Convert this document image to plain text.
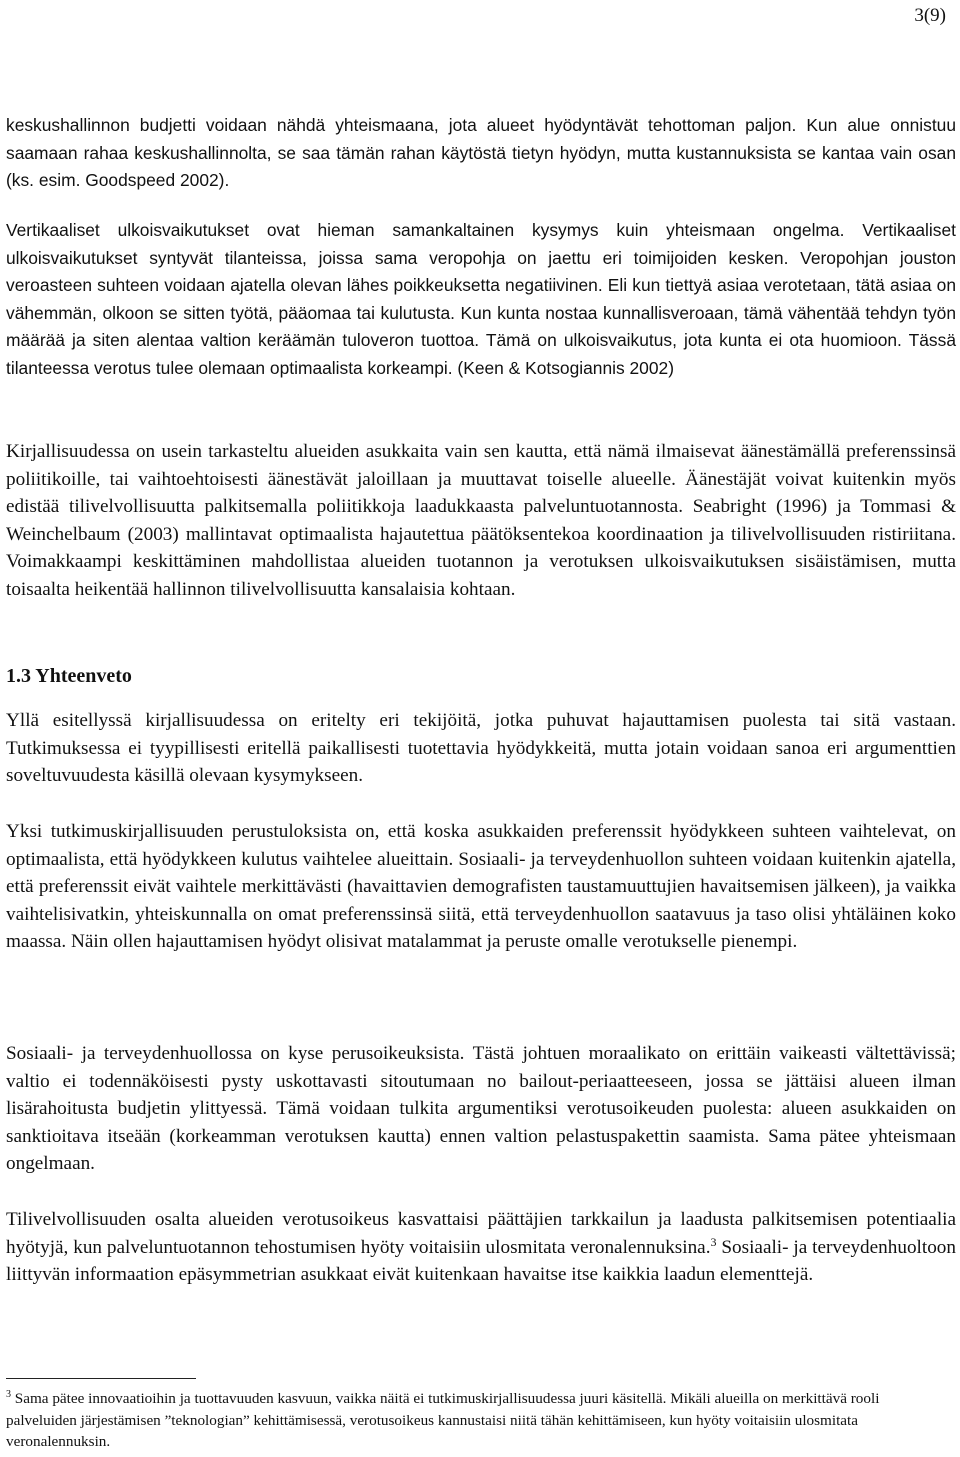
3(9)

keskushallinnon budjetti voidaan nähdä yhteismaana, jota alueet hyödyntävät tehottoman paljon. Kun alue onnistuu saamaan rahaa keskushallinnolta, se saa tämän rahan käytöstä tietyn hyödyn, mutta kustannuksista se kantaa vain osan (ks. esim. Goodspeed 2002).

Vertikaaliset ulkoisvaikutukset ovat hieman samankaltainen kysymys kuin yhteismaan ongelma. Vertikaaliset ulkoisvaikutukset syntyvät tilanteissa, joissa sama veropohja on jaettu eri toimijoiden kesken. Veropohjan jouston veroasteen suhteen voidaan ajatella olevan lähes poikkeuksetta negatiivinen. Eli kun tiettyä asiaa verotetaan, tätä asiaa on vähemmän, olkoon se sitten työtä, pääomaa tai kulutusta. Kun kunta nostaa kunnallisveroaan, tämä vähentää tehdyn työn määrää ja siten alentaa valtion keräämän tuloveron tuottoa. Tämä on ulkoisvaikutus, jota kunta ei ota huomioon. Tässä tilanteessa verotus tulee olemaan optimaalista korkeampi. (Keen & Kotsogiannis 2002)

Kirjallisuudessa on usein tarkasteltu alueiden asukkaita vain sen kautta, että nämä ilmaisevat äänestämällä preferenssinsä poliitikoille, tai vaihtoehtoisesti äänestävät jaloillaan ja muuttavat toiselle alueelle. Äänestäjät voivat kuitenkin myös edistää tilivelvollisuutta palkitsemalla poliitikkoja laadukkaasta palveluntuotannosta. Seabright (1996) ja Tommasi & Weinchelbaum (2003) mallintavat optimaalista hajautettua päätöksentekoa koordinaation ja tilivelvollisuuden ristiriitana. Voimakkaampi keskittäminen mahdollistaa alueiden tuotannon ja verotuksen ulkoisvaikutuksen sisäistämisen, mutta toisaalta heikentää hallinnon tilivelvollisuutta kansalaisia kohtaan.

1.3 Yhteenveto

Yllä esitellyssä kirjallisuudessa on eritelty eri tekijöitä, jotka puhuvat hajauttamisen puolesta tai sitä vastaan. Tutkimuksessa ei tyypillisesti eritellä paikallisesti tuotettavia hyödykkeitä, mutta jotain voidaan sanoa eri argumenttien soveltuvuudesta käsillä olevaan kysymykseen.

Yksi tutkimuskirjallisuuden perustuloksista on, että koska asukkaiden preferenssit hyödykkeen suhteen vaihtelevat, on optimaalista, että hyödykkeen kulutus vaihtelee alueittain. Sosiaali- ja terveydenhuollon suhteen voidaan kuitenkin ajatella, että preferenssit eivät vaihtele merkittävästi (havaittavien demografisten taustamuuttujien havaitsemisen jälkeen), ja vaikka vaihtelisivatkin, yhteiskunnalla on omat preferenssinsä siitä, että terveydenhuollon saatavuus ja taso olisi yhtäläinen koko maassa. Näin ollen hajauttamisen hyödyt olisivat matalammat ja peruste omalle verotukselle pienempi.

Sosiaali- ja terveydenhuollossa on kyse perusoikeuksista. Tästä johtuen moraalikato on erittäin vaikeasti vältettävissä; valtio ei todennäköisesti pysty uskottavasti sitoutumaan no bailout-periaatteeseen, jossa se jättäisi alueen ilman lisärahoitusta budjetin ylittyessä. Tämä voidaan tulkita argumentiksi verotusoikeuden puolesta: alueen asukkaiden on sanktioitava itseään (korkeamman verotuksen kautta) ennen valtion pelastuspakettin saamista. Sama pätee yhteismaan ongelmaan.

Tilivelvollisuuden osalta alueiden verotusoikeus kasvattaisi päättäjien tarkkailun ja laadusta palkitsemisen potentiaalia hyötyjä, kun palveluntuotannon tehostumisen hyöty voitaisiin ulosmitata veronalennuksina.$^3$ Sosiaali- ja terveydenhuoltoon liittyvän informaation epäsymmetrian asukkaat eivät kuitenkaan havaitse itse kaikkia laadun elementtejä.

$^3$ Sama pätee innovaatioihin ja tuottavuuden kasvuun, vaikka näitä ei tutkimuskirjallisuudessa juuri käsitellä. Mikäli alueilla on merkittävä rooli palveluiden järjestämisen ”teknologian” kehittämisessä, verotusoikeus kannustaisi niitä tähän kehittämiseen, kun hyöty voitaisiin ulosmitata veronalennuksin.
